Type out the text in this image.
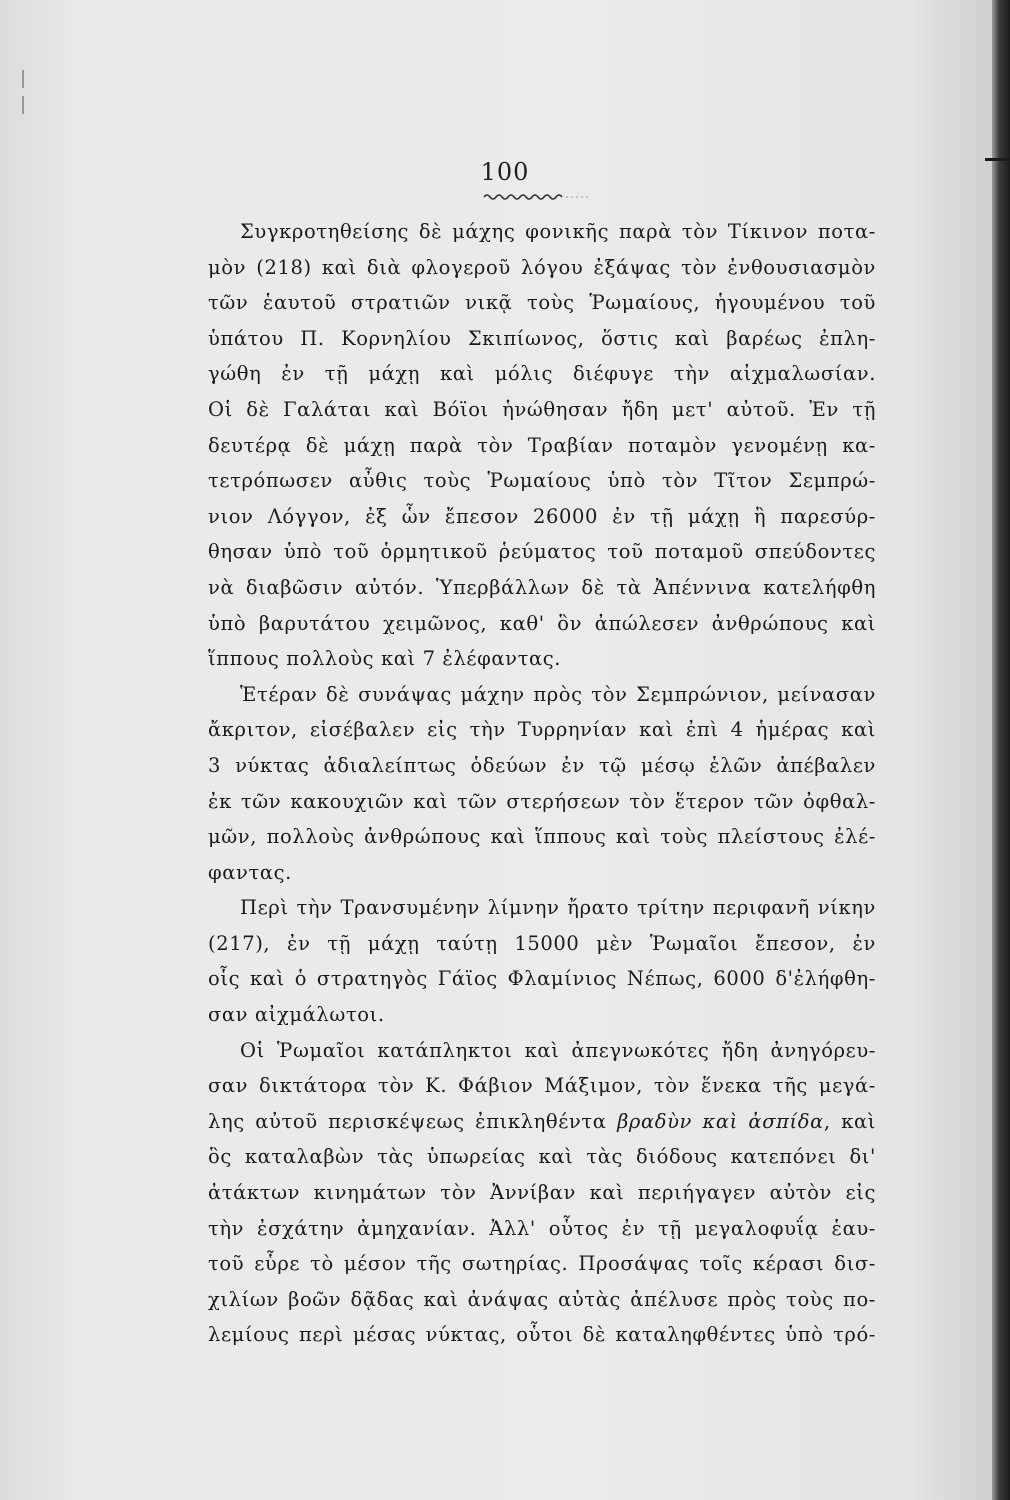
100
Συγκροτηθείσης δὲ μάχης φονικῆς παρὰ τὸν Τίκινον ποτα-
μὸν (218) καὶ διὰ φλογεροῦ λόγου ἐξάψας τὸν ἐνθουσιασμὸν
τῶν ἑαυτοῦ στρατιῶν νικᾷ τοὺς Ῥωμαίους, ἡγουμένου τοῦ
ὑπάτου Π. Κορνηλίου Σκιπίωνος, ὅστις καὶ βαρέως ἐπλη-
γώθη ἐν τῇ μάχῃ καὶ μόλις διέφυγε τὴν αἰχμαλωσίαν.
Οἱ δὲ Γαλάται καὶ Βόϊοι ἡνώθησαν ἤδη μετ' αὐτοῦ. Ἐν τῇ
δευτέρᾳ δὲ μάχῃ παρὰ τὸν Τραβίαν ποταμὸν γενομένῃ κα-
τετρόπωσεν αὖθις τοὺς Ῥωμαίους ὑπὸ τὸν Τῖτον Σεμπρώ-
νιον Λόγγον, ἐξ ὧν ἔπεσον 26000 ἐν τῇ μάχῃ ἢ παρεσύρ-
θησαν ὑπὸ τοῦ ὁρμητικοῦ ῥεύματος τοῦ ποταμοῦ σπεύδοντες
νὰ διαβῶσιν αὐτόν. Ὑπερβάλλων δὲ τὰ Ἀπέννινα κατελήφθη
ὑπὸ βαρυτάτου χειμῶνος, καθ' ὃν ἀπώλεσεν ἀνθρώπους καὶ
ἵππους πολλοὺς καὶ 7 ἐλέφαντας.
Ἑτέραν δὲ συνάψας μάχην πρὸς τὸν Σεμπρώνιον, μείνασαν
ἄκριτον, εἰσέβαλεν εἰς τὴν Τυρρηνίαν καὶ ἐπὶ 4 ἡμέρας καὶ
3 νύκτας ἀδιαλείπτως ὁδεύων ἐν τῷ μέσῳ ἑλῶν ἀπέβαλεν
ἐκ τῶν κακουχιῶν καὶ τῶν στερήσεων τὸν ἕτερον τῶν ὀφθαλ-
μῶν, πολλοὺς ἀνθρώπους καὶ ἵππους καὶ τοὺς πλείστους ἐλέ-
φαντας.
Περὶ τὴν Τρανσυμένην λίμνην ἤρατο τρίτην περιφανῆ νίκην
(217), ἐν τῇ μάχῃ ταύτῃ 15000 μὲν Ῥωμαῖοι ἔπεσον, ἐν
οἷς καὶ ὁ στρατηγὸς Γάϊος Φλαμίνιος Νέπως, 6000 δ'ἐλήφθη-
σαν αἰχμάλωτοι.
Οἱ Ῥωμαῖοι κατάπληκτοι καὶ ἀπεγνωκότες ἤδη ἀνηγόρευ-
σαν δικτάτορα τὸν Κ. Φάβιον Μάξιμον, τὸν ἕνεκα τῆς μεγά-
λης αὐτοῦ περισκέψεως ἐπικληθέντα βραδὺν καὶ ἀσπίδα, καὶ
ὃς καταλαβὼν τὰς ὑπωρείας καὶ τὰς διόδους κατεπόνει δι'
ἀτάκτων κινημάτων τὸν Ἀννίβαν καὶ περιήγαγεν αὐτὸν εἰς
τὴν ἐσχάτην ἀμηχανίαν. Ἀλλ' οὗτος ἐν τῇ μεγαλοφυΐᾳ ἑαυ-
τοῦ εὗρε τὸ μέσον τῆς σωτηρίας. Προσάψας τοῖς κέρασι δισ-
χιλίων βοῶν δᾷδας καὶ ἀνάψας αὐτὰς ἀπέλυσε πρὸς τοὺς πο-
λεμίους περὶ μέσας νύκτας, οὗτοι δὲ καταληφθέντες ὑπὸ τρό-
